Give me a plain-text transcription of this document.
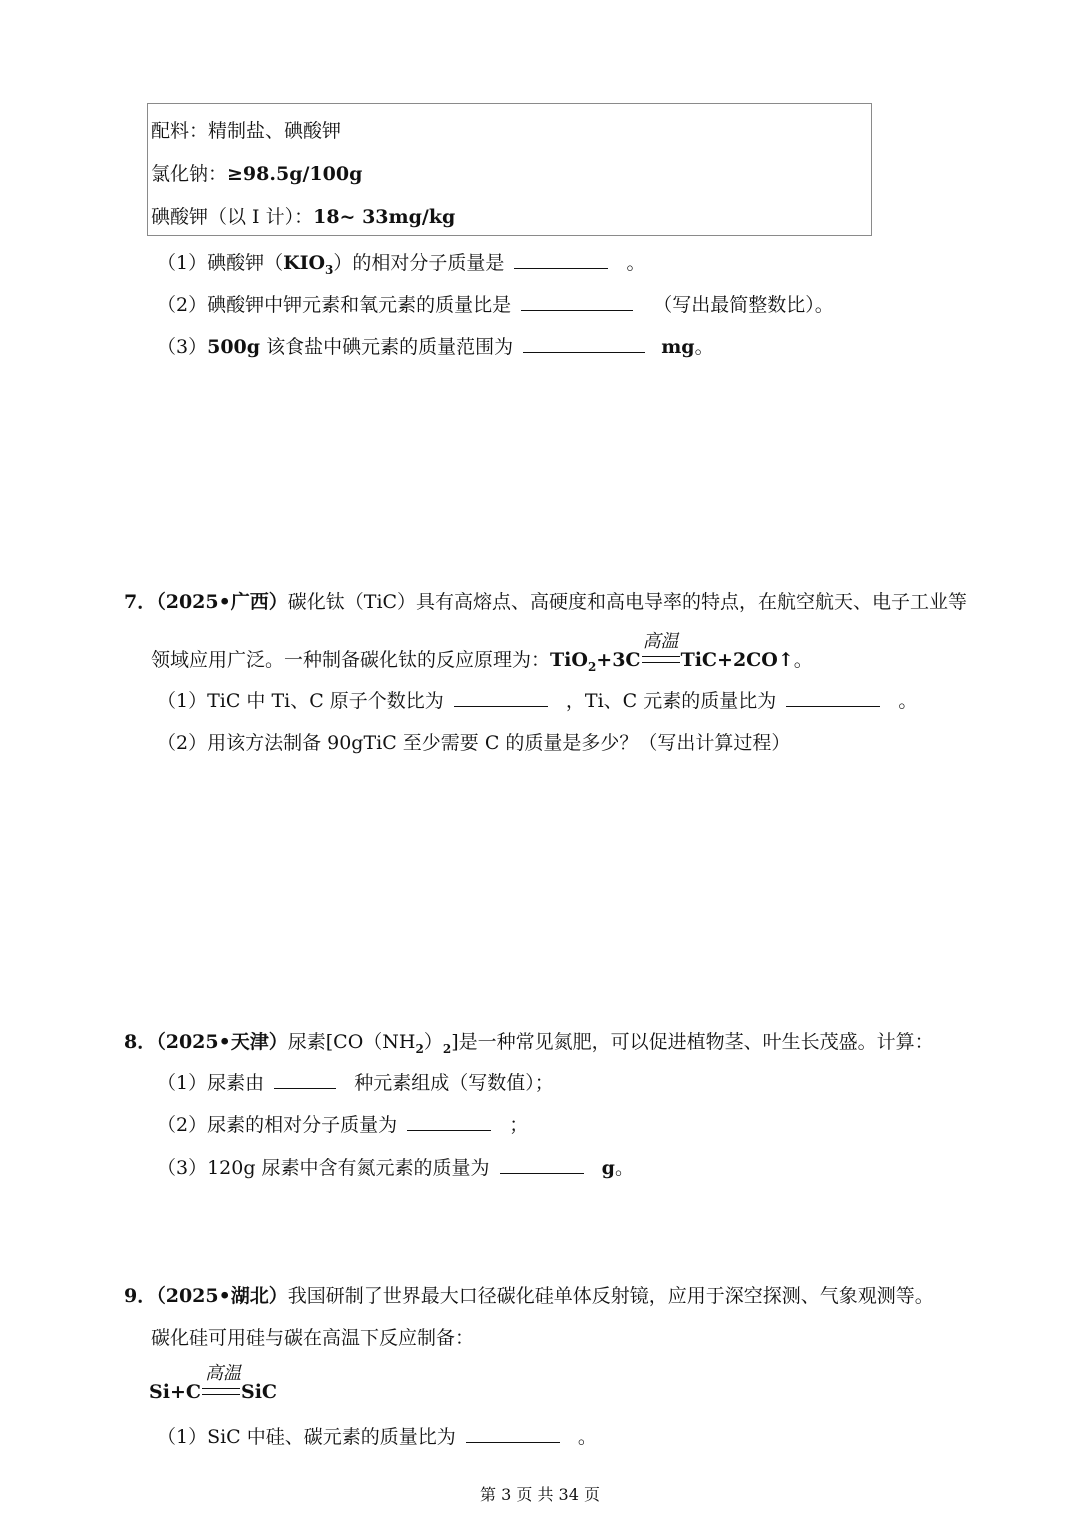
配料：精制盐、碘酸钾
氯化钠：≥98.5g/100g
碘酸钾（以 I 计）：18~ 33mg/kg
（1）碘酸钾$(KIO_3)$的相对分子质量是	。
（2）碘酸钾中钾元素和氧元素的质量比是	（写出最简整数比）。
（3）500g 该食盐中碘元素的质量范围为	mg。
7．（2025•广西）碳化钛（TiC）具有高熔点、高硬度和高电导率的特点，在航空航天、电子工业等
领域应用广泛。一种制备碳化钛的反应原理为：TiO$_2$+3C
高温
TiC+2CO↑。
（1）TiC 中 Ti、C 原子个数比为	，Ti、C 元素的质量比为	。
（2）用该方法制备 90gTiC 至少需要 C 的质量是多少？（写出计算过程）
8．（2025•天津）尿素$[CO(NH_2)_2]$是一种常见氮肥，可以促进植物茎、叶生长茂盛。计算：
（1）尿素由	种元素组成（写数值）；
（2）尿素的相对分子质量为	；
（3）120g 尿素中含有氮元素的质量为	g。
9．（2025•湖北）我国研制了世界最大口径碳化硅单体反射镜，应用于深空探测、气象观测等。
碳化硅可用硅与碳在高温下反应制备：
Si+C
高温
SiC
（1）SiC 中硅、碳元素的质量比为	。
第 3 页 共 34 页
